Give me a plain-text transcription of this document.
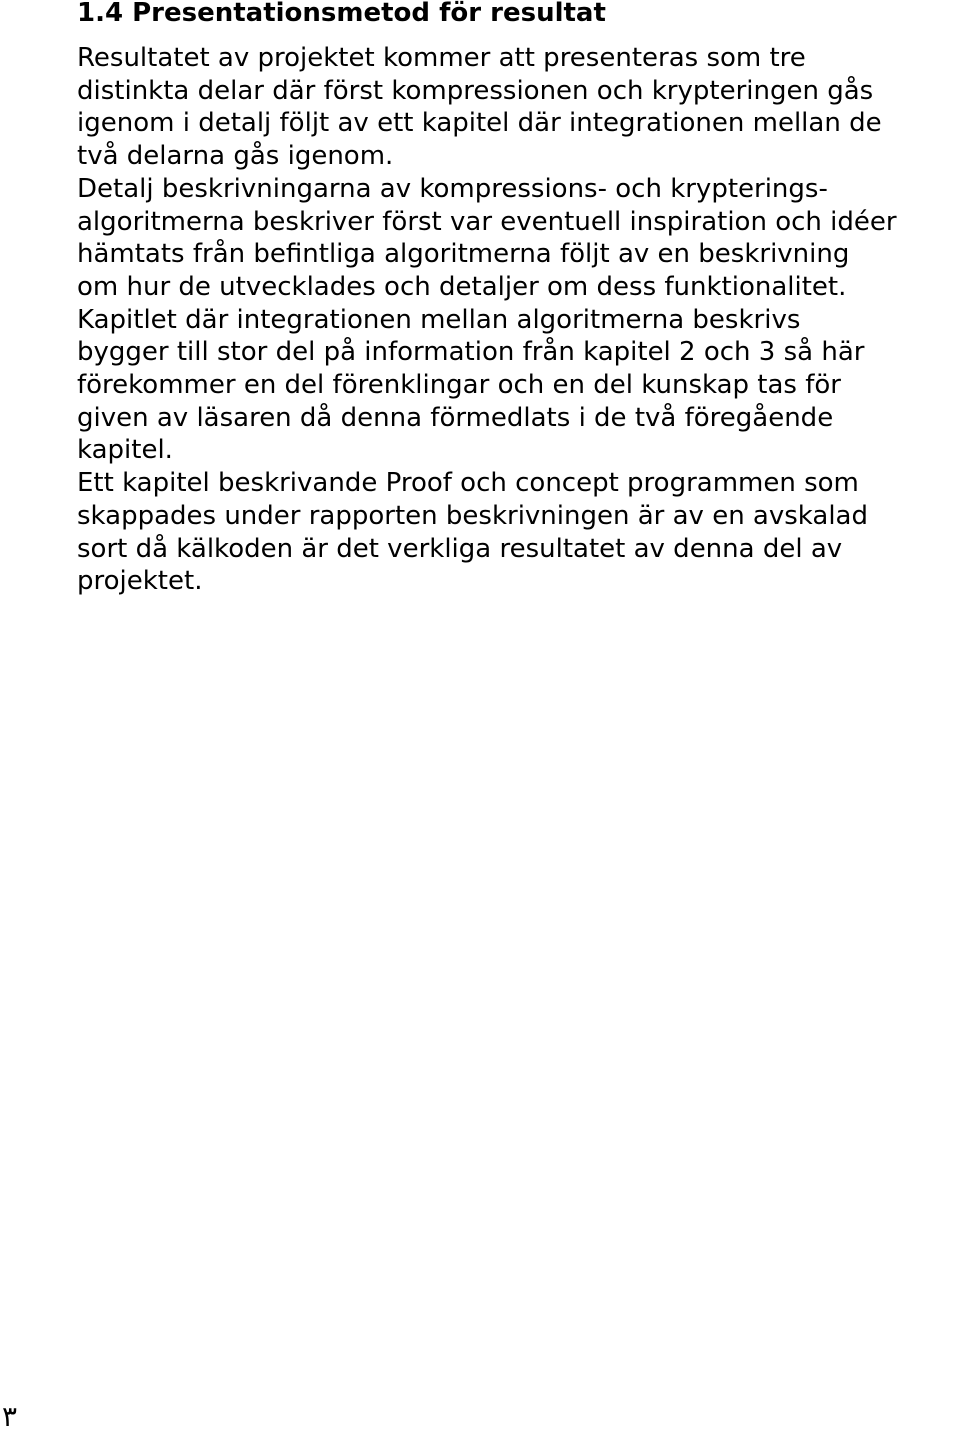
1.4 Presentationsmetod för resultat
Resultatet av projektet kommer att presenteras som tre
distinkta delar där först kompressionen och krypteringen gås
igenom i detalj följt av ett kapitel där integrationen mellan de
två delarna gås igenom.
Detalj beskrivningarna av kompressions- och krypterings-
algoritmerna beskriver först var eventuell inspiration och idéer
hämtats från befintliga algoritmerna följt av en beskrivning
om hur de utvecklades och detaljer om dess funktionalitet.
Kapitlet där integrationen mellan algoritmerna beskrivs
bygger till stor del på information från kapitel 2 och 3 så här
förekommer en del förenklingar och en del kunskap tas för
given av läsaren då denna förmedlats i de två föregående
kapitel.
Ett kapitel beskrivande Proof och concept programmen som
skappades under rapporten beskrivningen är av en avskalad
sort då kälkoden är det verkliga resultatet av denna del av
projektet.
٣
